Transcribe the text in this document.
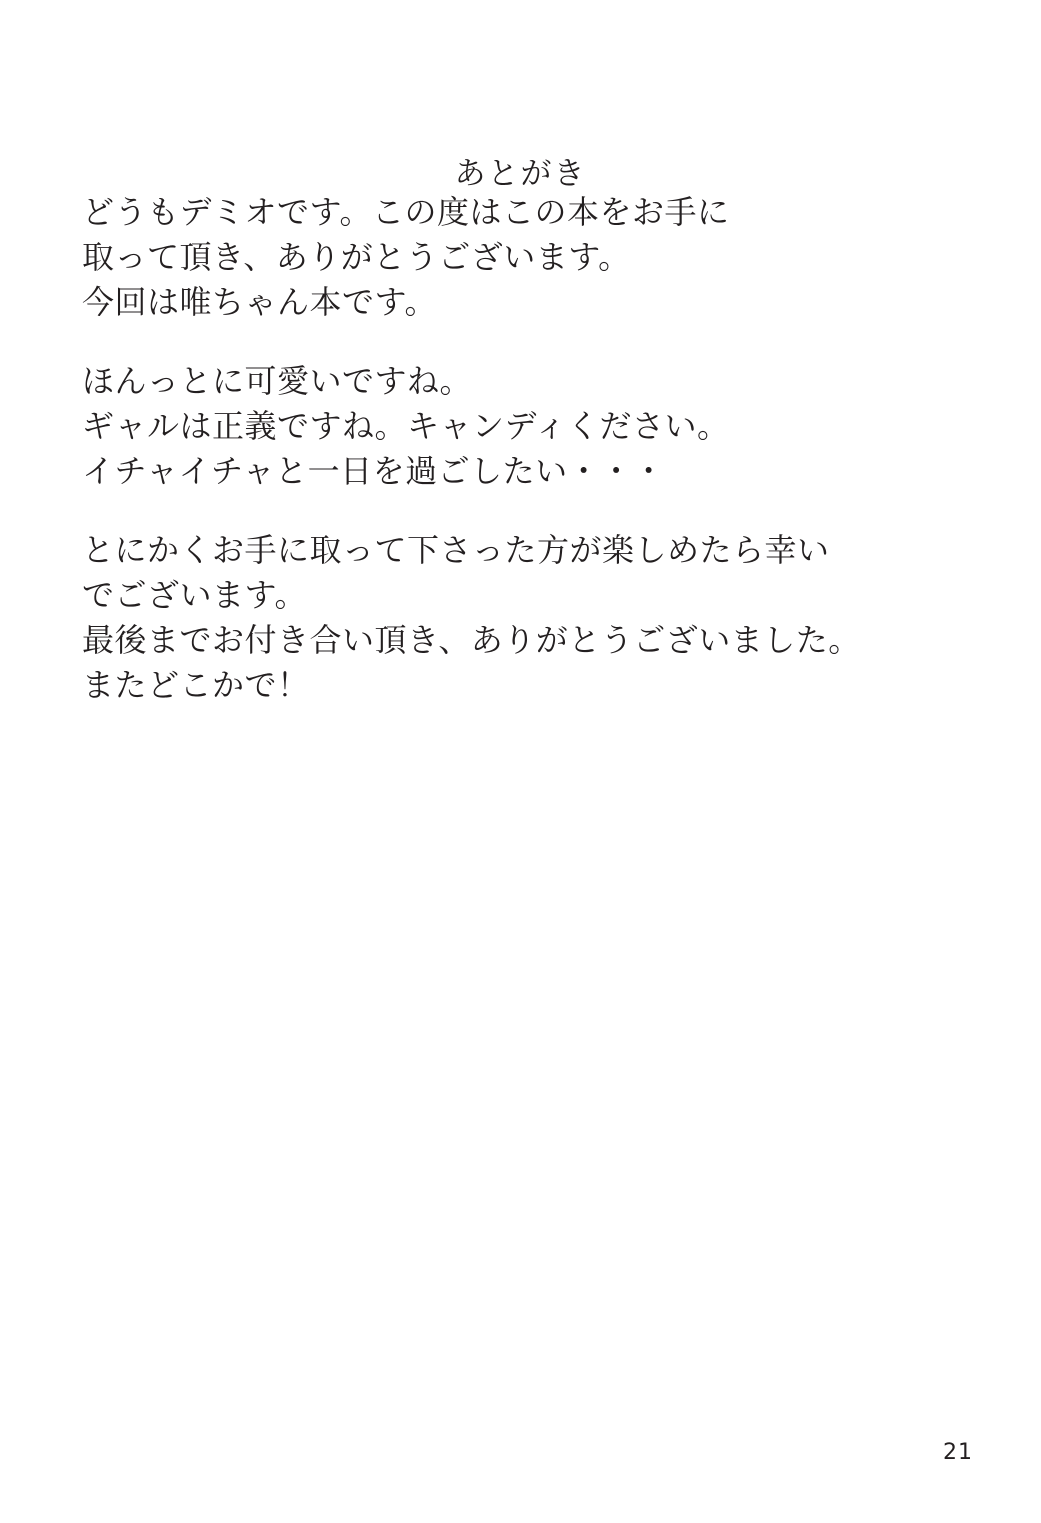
あとがき
どうもデミオです。この度はこの本をお手に
取って頂き、ありがとうございます。
今回は唯ちゃん本です。
ほんっとに可愛いですね。
ギャルは正義ですね。キャンディください。
イチャイチャと一日を過ごしたい・・・
とにかくお手に取って下さった方が楽しめたら幸い
でございます。
最後までお付き合い頂き、ありがとうございました。
またどこかで！
21
